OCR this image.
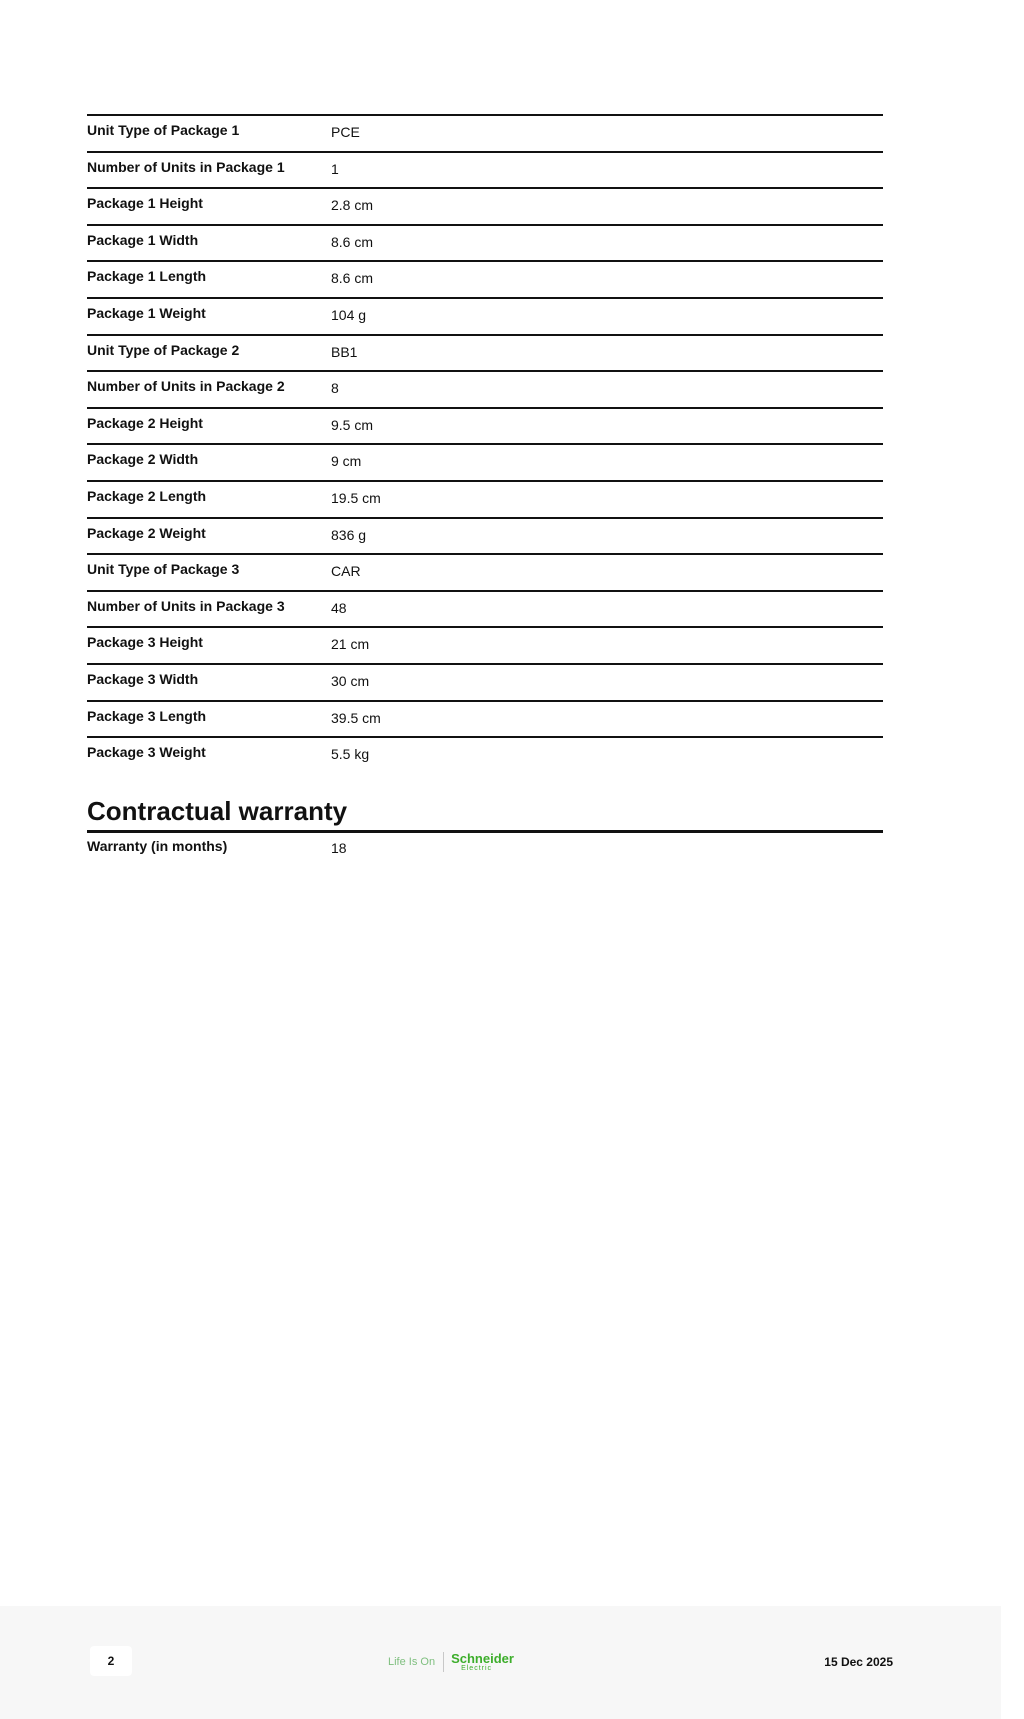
Unit Type of Package 1	PCE
Number of Units in Package 1	1
Package 1 Height	2.8 cm
Package 1 Width	8.6 cm
Package 1 Length	8.6 cm
Package 1 Weight	104 g
Unit Type of Package 2	BB1
Number of Units in Package 2	8
Package 2 Height	9.5 cm
Package 2 Width	9 cm
Package 2 Length	19.5 cm
Package 2 Weight	836 g
Unit Type of Package 3	CAR
Number of Units in Package 3	48
Package 3 Height	21 cm
Package 3 Width	30 cm
Package 3 Length	39.5 cm
Package 3 Weight	5.5 kg
Contractual warranty
Warranty (in months)	18
2	Life Is On Schneider
Electric	15 Dec 2025
